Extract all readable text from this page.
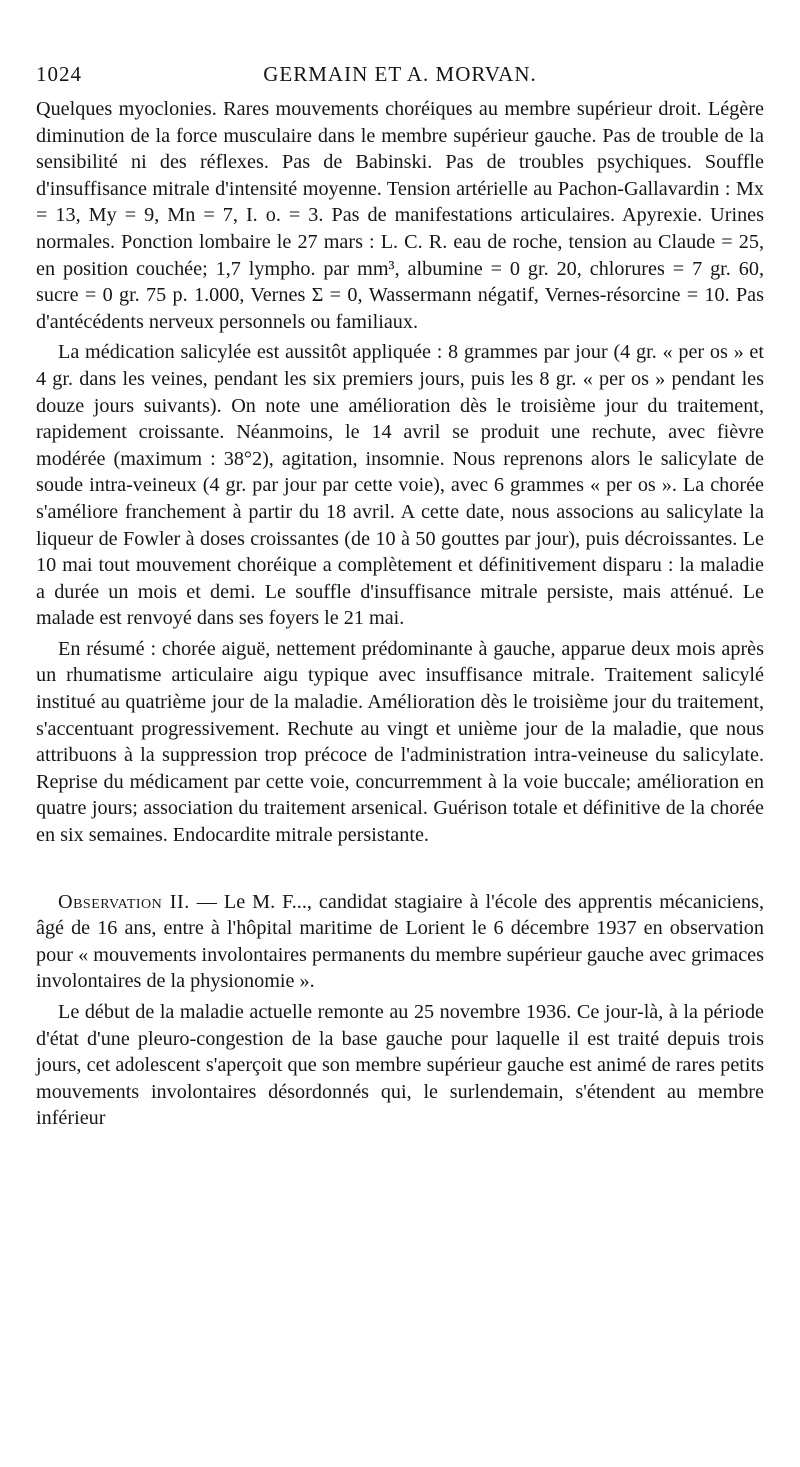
1024	GERMAIN ET A. MORVAN.

Quelques myoclonies. Rares mouvements choréiques au membre supérieur droit. Légère diminution de la force musculaire dans le membre supérieur gauche. Pas de trouble de la sensibilité ni des réflexes. Pas de Babinski. Pas de troubles psychiques. Souffle d'insuffisance mitrale d'intensité moyenne. Tension artérielle au Pachon-Gallavardin : Mx = 13, My = 9, Mn = 7, I. o. = 3. Pas de manifestations articulaires. Apyrexie. Urines normales. Ponction lombaire le 27 mars : L. C. R. eau de roche, tension au Claude = 25, en position couchée; 1,7 lympho. par mm³, albumine = 0 gr. 20, chlorures = 7 gr. 60, sucre = 0 gr. 75 p. 1.000, Vernes Σ = 0, Wassermann négatif, Vernes-résorcine = 10. Pas d'antécédents nerveux personnels ou familiaux.

La médication salicylée est aussitôt appliquée : 8 grammes par jour (4 gr. « per os » et 4 gr. dans les veines, pendant les six premiers jours, puis les 8 gr. « per os » pendant les douze jours suivants). On note une amélioration dès le troisième jour du traitement, rapidement croissante. Néanmoins, le 14 avril se produit une rechute, avec fièvre modérée (maximum : 38°2), agitation, insomnie. Nous reprenons alors le salicylate de soude intra-veineux (4 gr. par jour par cette voie), avec 6 grammes « per os ». La chorée s'améliore franchement à partir du 18 avril. A cette date, nous associons au salicylate la liqueur de Fowler à doses croissantes (de 10 à 50 gouttes par jour), puis décroissantes. Le 10 mai tout mouvement choréique a complètement et définitivement disparu : la maladie a durée un mois et demi. Le souffle d'insuffisance mitrale persiste, mais atténué. Le malade est renvoyé dans ses foyers le 21 mai.

En résumé : chorée aiguë, nettement prédominante à gauche, apparue deux mois après un rhumatisme articulaire aigu typique avec insuffisance mitrale. Traitement salicylé institué au quatrième jour de la maladie. Amélioration dès le troisième jour du traitement, s'accentuant progressivement. Rechute au vingt et unième jour de la maladie, que nous attribuons à la suppression trop précoce de l'administration intra-veineuse du salicylate. Reprise du médicament par cette voie, concurremment à la voie buccale; amélioration en quatre jours; association du traitement arsenical. Guérison totale et définitive de la chorée en six semaines. Endocardite mitrale persistante.

Observation II. — Le M. F..., candidat stagiaire à l'école des apprentis mécaniciens, âgé de 16 ans, entre à l'hôpital maritime de Lorient le 6 décembre 1937 en observation pour « mouvements involontaires permanents du membre supérieur gauche avec grimaces involontaires de la physionomie ».

Le début de la maladie actuelle remonte au 25 novembre 1936. Ce jour-là, à la période d'état d'une pleuro-congestion de la base gauche pour laquelle il est traité depuis trois jours, cet adolescent s'aperçoit que son membre supérieur gauche est animé de rares petits mouvements involontaires désordonnés qui, le surlendemain, s'étendent au membre inférieur
